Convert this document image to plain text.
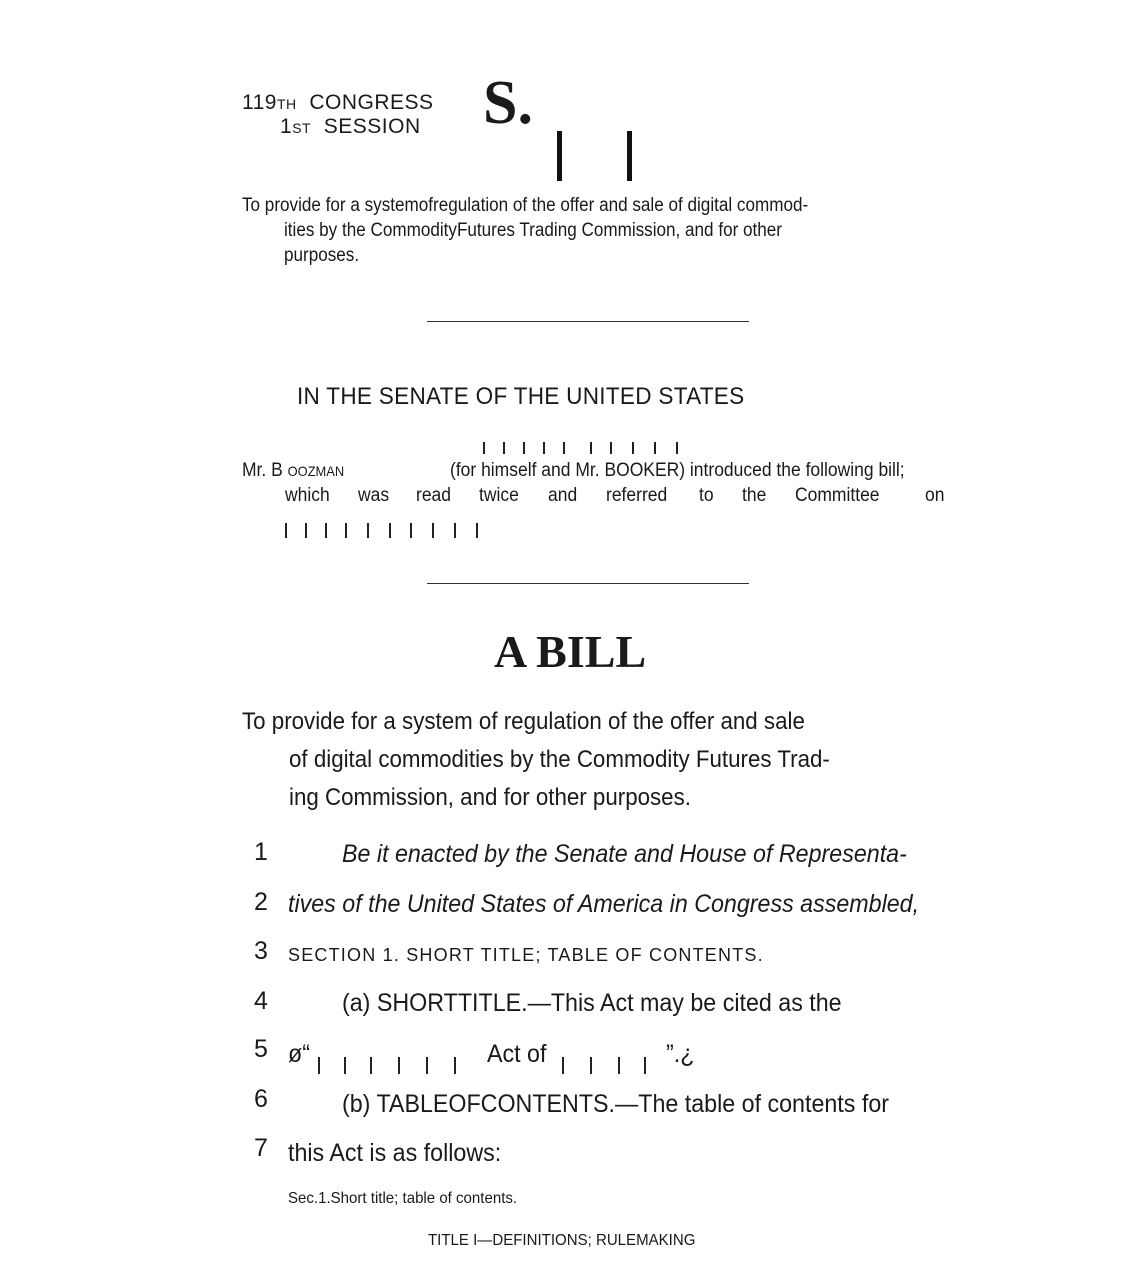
119TH CONGRESS
1ST SESSION S.
To provide for a systemofregulation of the offer and sale of digital commod-
ities by the CommodityFutures Trading Commission, and for other
purposes.
IN THE SENATE OF THE UNITED STATES
Mr. B OOZMAN	(for himself and Mr. BOOKER) introduced the following bill;
which was read twice and referred to the Committee on
A BILL
To provide for a system of regulation of the offer and sale
of digital commodities by the Commodity Futures Trad-
ing Commission, and for other purposes.
1	Be it enacted by the Senate and House of Representa-
2 tives of the United States of America in Congress assembled,
3 SECTION 1. SHORT TITLE; TABLE OF CONTENTS.
4	(a) SHORTTITLE.—This Act may be cited as the
5 ø“	Act of	”.¿
6	(b) TABLEOFCONTENTS.—The table of contents for
7 this Act is as follows:
Sec.1.Short title; table of contents.
TITLE I—DEFINITIONS; RULEMAKING
